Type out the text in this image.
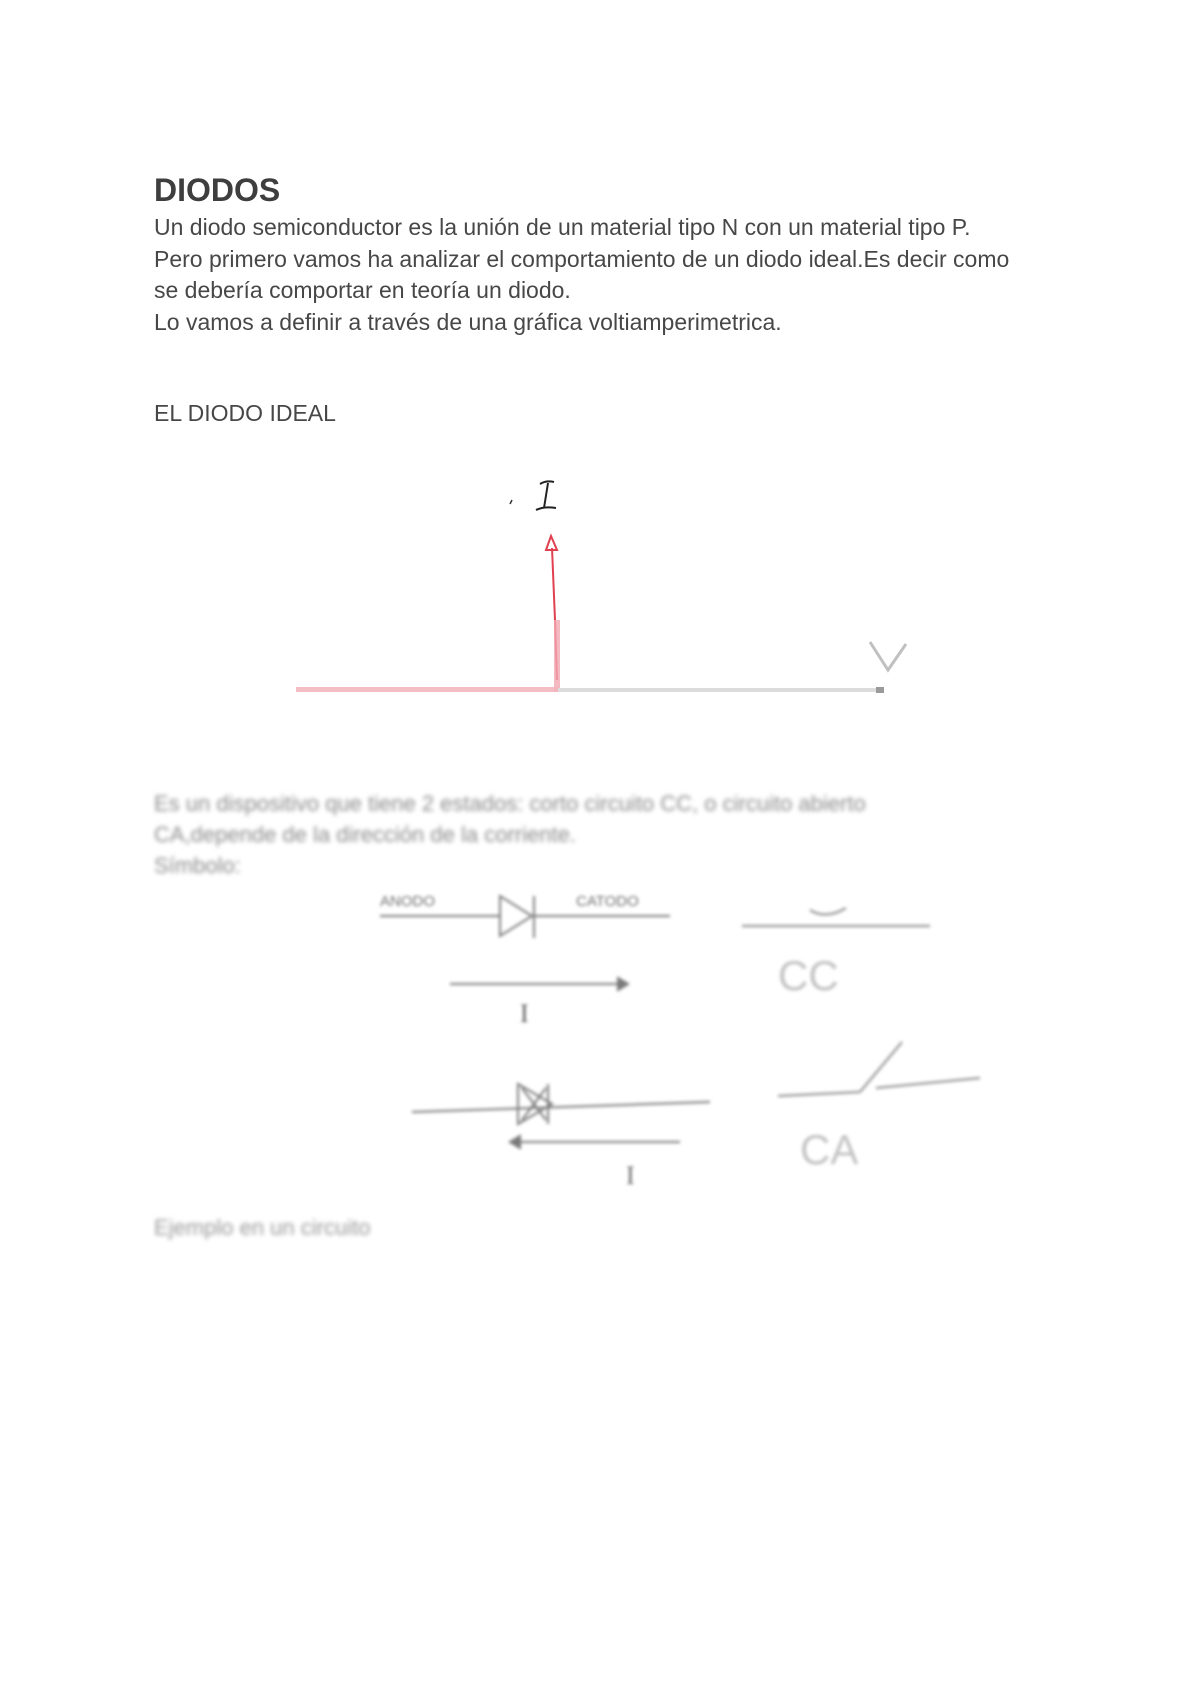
DIODOS
Un diodo semiconductor es la unión de un material tipo N con un material tipo P.
Pero primero vamos ha analizar el comportamiento de un diodo ideal.Es decir como se debería comportar en teoría un diodo.
Lo vamos a definir a través de una gráfica voltiamperimetrica.
EL DIODO IDEAL
I
V
Es un dispositivo que tiene 2 estados: corto circuito CC, o circuito abierto
CA,depende de la dirección de la corriente.
Símbolo:
ANODO	CATODO
I
CC
I
CA
Ejemplo en un circuito
